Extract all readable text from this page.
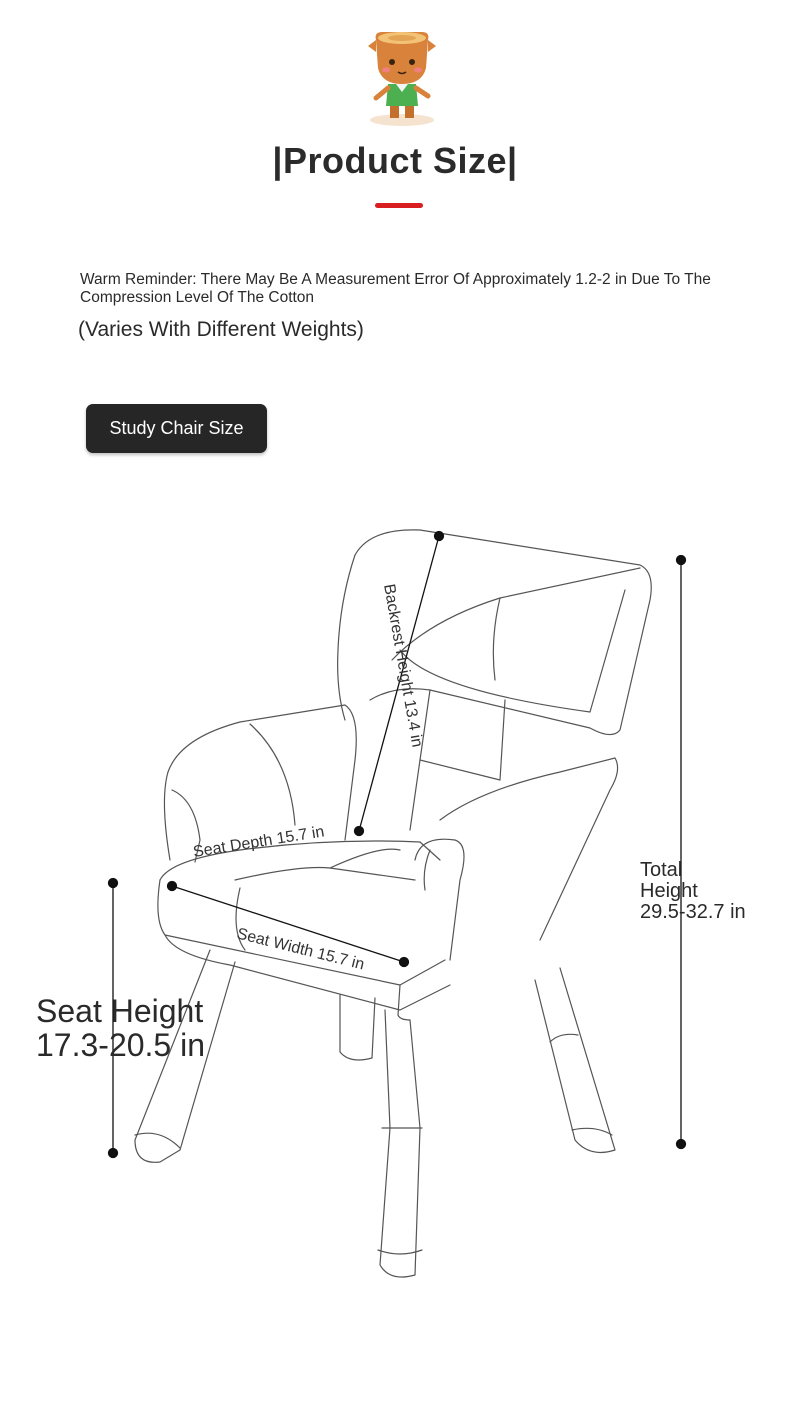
|Product Size|
Warm Reminder: There May Be A Measurement Error Of Approximately 1.2-2 in Due To The Compression Level Of The Cotton
(Varies With Different Weights)
Study Chair Size
Backrest Height 13.4 in
Seat Depth 15.7 in
Seat Width 15.7 in
Seat Height
17.3-20.5 in
Total
Height
29.5-32.7 in
